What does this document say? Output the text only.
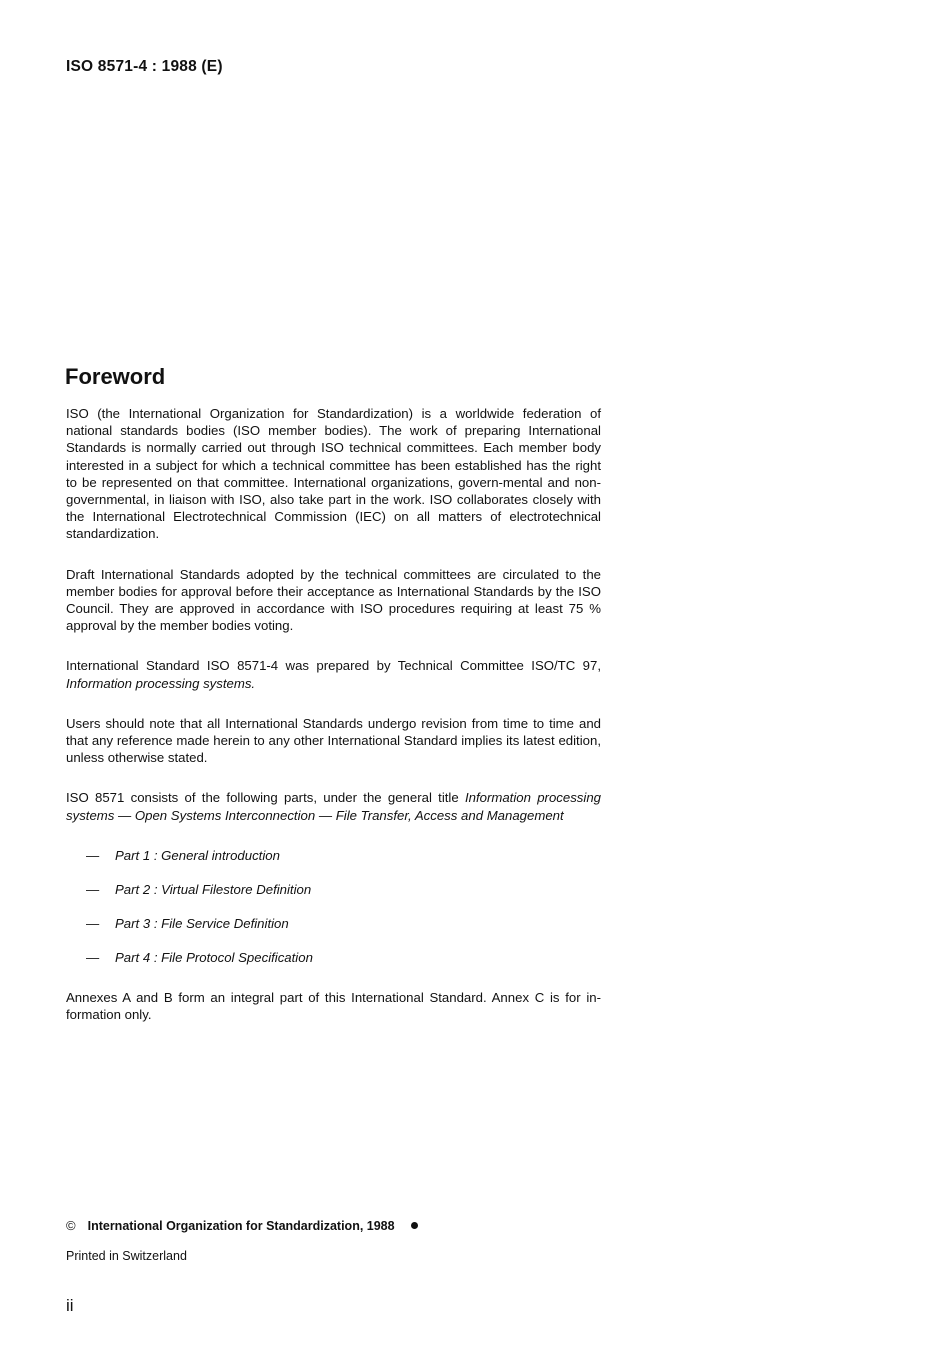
ISO 8571-4 : 1988 (E)
Foreword

ISO (the International Organization for Standardization) is a worldwide federation of national standards bodies (ISO member bodies). The work of preparing International Standards is normally carried out through ISO technical committees. Each member body interested in a subject for which a technical committee has been established has the right to be represented on that committee. International organizations, govern-mental and non-governmental, in liaison with ISO, also take part in the work. ISO collaborates closely with the International Electrotechnical Commission (IEC) on all matters of electrotechnical standardization.

Draft International Standards adopted by the technical committees are circulated to the member bodies for approval before their acceptance as International Standards by the ISO Council. They are approved in accordance with ISO procedures requiring at least 75 % approval by the member bodies voting.

International Standard ISO 8571-4 was prepared by Technical Committee ISO/TC 97, Information processing systems.

Users should note that all International Standards undergo revision from time to time and that any reference made herein to any other International Standard implies its latest edition, unless otherwise stated.

ISO 8571 consists of the following parts, under the general title Information processing systems — Open Systems Interconnection — File Transfer, Access and Management

— Part 1 : General introduction
— Part 2 : Virtual Filestore Definition
— Part 3 : File Service Definition
— Part 4 : File Protocol Specification

Annexes A and B form an integral part of this International Standard. Annex C is for in-formation only.

© International Organization for Standardization, 1988
Printed in Switzerland
ii
